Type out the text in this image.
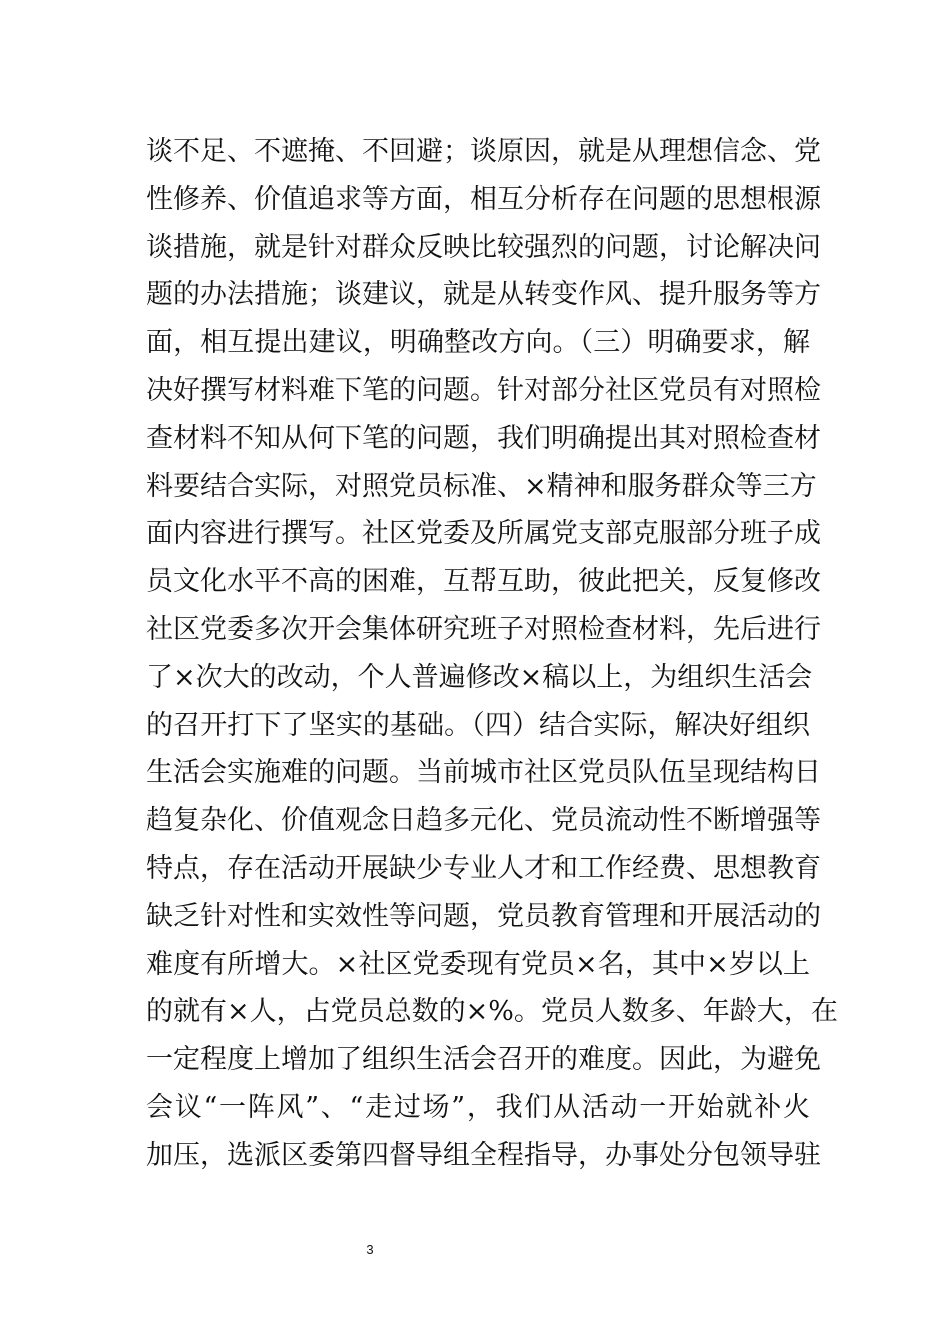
谈不足、不遮掩、不回避；谈原因，就是从理想信念、党
性修养、价值追求等方面，相互分析存在问题的思想根源
谈措施，就是针对群众反映比较强烈的问题，讨论解决问
题的办法措施；谈建议，就是从转变作风、提升服务等方
面，相互提出建议，明确整改方向。（三）明确要求，解
决好撰写材料难下笔的问题。针对部分社区党员有对照检
查材料不知从何下笔的问题，我们明确提出其对照检查材
料要结合实际，对照党员标准、×精神和服务群众等三方
面内容进行撰写。社区党委及所属党支部克服部分班子成
员文化水平不高的困难，互帮互助，彼此把关，反复修改
社区党委多次开会集体研究班子对照检查材料，先后进行
了×次大的改动，个人普遍修改×稿以上，为组织生活会
的召开打下了坚实的基础。（四）结合实际，解决好组织
生活会实施难的问题。当前城市社区党员队伍呈现结构日
趋复杂化、价值观念日趋多元化、党员流动性不断增强等
特点，存在活动开展缺少专业人才和工作经费、思想教育
缺乏针对性和实效性等问题，党员教育管理和开展活动的
难度有所增大。×社区党委现有党员×名，其中×岁以上
的就有×人，占党员总数的×%。党员人数多、年龄大，在
一定程度上增加了组织生活会召开的难度。因此，为避免
会议“一阵风”、“走过场”，我们从活动一开始就补火
加压，选派区委第四督导组全程指导，办事处分包领导驻
3
